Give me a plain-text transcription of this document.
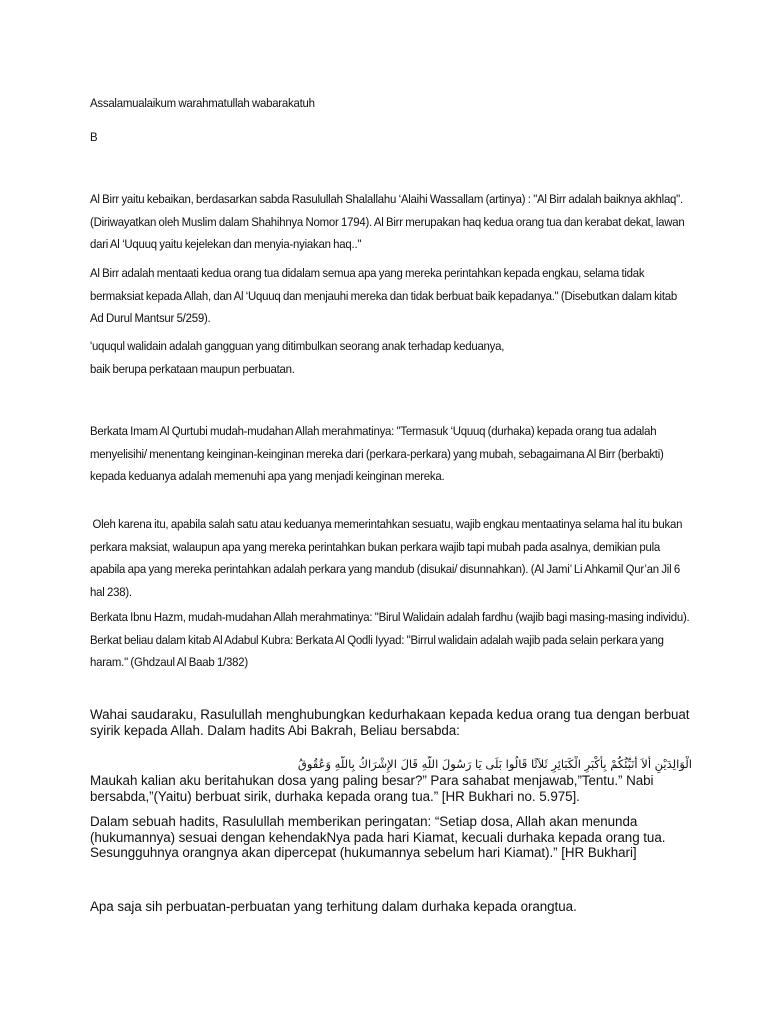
Assalamualaikum warahmatullah wabarakatuh

B

Al Birr yaitu kebaikan, berdasarkan sabda Rasulullah Shalallahu ‘Alaihi Wassallam (artinya) : "Al Birr adalah baiknya akhlaq". (Diriwayatkan oleh Muslim dalam Shahihnya Nomor 1794). Al Birr merupakan haq kedua orang tua dan kerabat dekat, lawan dari Al ‘Uquuq yaitu kejelekan dan menyia-nyiakan haq.."

Al Birr adalah mentaati kedua orang tua didalam semua apa yang mereka perintahkan kepada engkau, selama tidak bermaksiat kepada Allah, dan Al ‘Uquuq dan menjauhi mereka dan tidak berbuat baik kepadanya." (Disebutkan dalam kitab Ad Durul Mantsur 5/259).

'uququl walidain adalah gangguan yang ditimbulkan seorang anak terhadap keduanya,
baik berupa perkataan maupun perbuatan.

Berkata Imam Al Qurtubi mudah-mudahan Allah merahmatinya: "Termasuk ‘Uquuq (durhaka) kepada orang tua adalah menyelisihi/ menentang keinginan-keinginan mereka dari (perkara-perkara) yang mubah, sebagaimana Al Birr (berbakti) kepada keduanya adalah memenuhi apa yang menjadi keinginan mereka.

Oleh karena itu, apabila salah satu atau keduanya memerintahkan sesuatu, wajib engkau mentaatinya selama hal itu bukan perkara maksiat, walaupun apa yang mereka perintahkan bukan perkara wajib tapi mubah pada asalnya, demikian pula apabila apa yang mereka perintahkan adalah perkara yang mandub (disukai/ disunnahkan). (Al Jami’ Li Ahkamil Qur’an Jil 6 hal 238).

Berkata Ibnu Hazm, mudah-mudahan Allah merahmatinya: "Birul Walidain adalah fardhu (wajib bagi masing-masing individu). Berkat beliau dalam kitab Al Adabul Kubra: Berkata Al Qodli Iyyad: "Birrul walidain adalah wajib pada selain perkara yang haram." (Ghdzaul Al Baab 1/382)

Wahai saudaraku, Rasulullah menghubungkan kedurhakaan kepada kedua orang tua dengan berbuat syirik kepada Allah. Dalam hadits Abi Bakrah, Beliau bersabda:

الْوَالِدَيْنِ أَلاَ أُنَبِّئُكُمْ بِأَكْبَرِ الْكَبَائِرِ ثَلاَثًا قَالُوا بَلَى يَا رَسُولَ اللَّهِ قَالَ الإِشْرَاكُ بِاللَّهِ وَعُقُوقُ

Maukah kalian aku beritahukan dosa yang paling besar?” Para sahabat menjawab,”Tentu.” Nabi bersabda,”(Yaitu) berbuat sirik, durhaka kepada orang tua.” [HR Bukhari no. 5.975].

Dalam sebuah hadits, Rasulullah memberikan peringatan: “Setiap dosa, Allah akan menunda (hukumannya) sesuai dengan kehendakNya pada hari Kiamat, kecuali durhaka kepada orang tua. Sesungguhnya orangnya akan dipercepat (hukumannya sebelum hari Kiamat).” [HR Bukhari]

Apa saja sih perbuatan-perbuatan yang terhitung dalam durhaka kepada orangtua.
